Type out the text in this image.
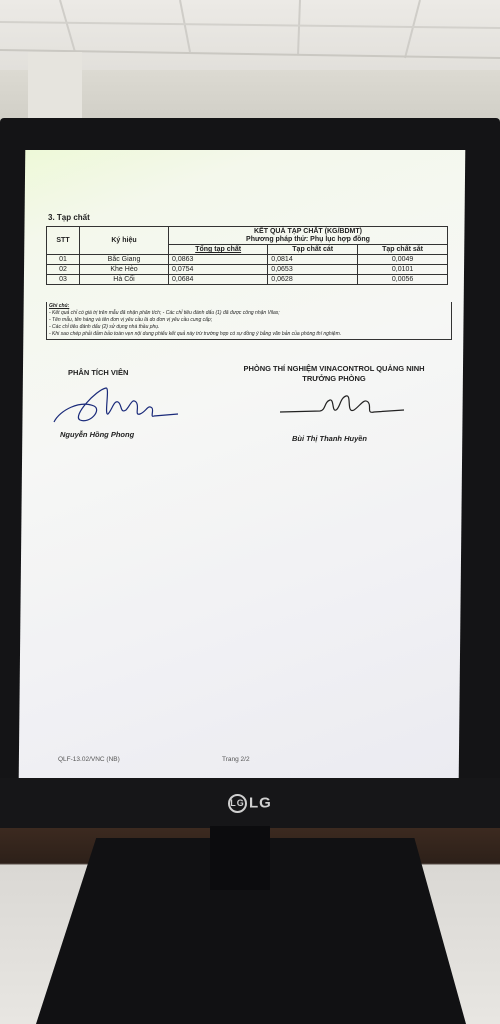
3. Tạp chất
STT	Ký hiệu	KẾT QUẢ TẠP CHẤT (KG/BDMT)		
		Phương pháp thử: Phụ lục hợp đồng		
		Tổng tạp chất	Tạp chất cát	Tạp chất sắt
01	Bắc Giang	0,0863	0,0814	0,0049
02	Khe Hèo	0,0754	0,0653	0,0101
03	Hà Cối	0,0684	0,0628	0,0056
Ghi chú:
- Kết quả chỉ có giá trị trên mẫu đã nhận phân tích; - Các chỉ tiêu đánh dấu (1) đã được công nhận Vilas;
- Tên mẫu, tên hàng và tên đơn vị yêu cầu là do đơn vị yêu cầu cung cấp;
- Các chỉ tiêu đánh dấu (2) sử dụng nhà thầu phụ.
- Khi sao chép phải đảm bảo toàn vẹn nội dung phiếu kết quả này trừ trường hợp có sự đồng ý bằng văn bản của phòng thí nghiệm.
PHÂN TÍCH VIÊN	PHÒNG THÍ NGHIỆM VINACONTROL QUẢNG NINH
TRƯỞNG PHÒNG
Nguyễn Hồng Phong	Bùi Thị Thanh Huyền
QLF-13.02/VNC (NB)	Trang 2/2
LG LG
